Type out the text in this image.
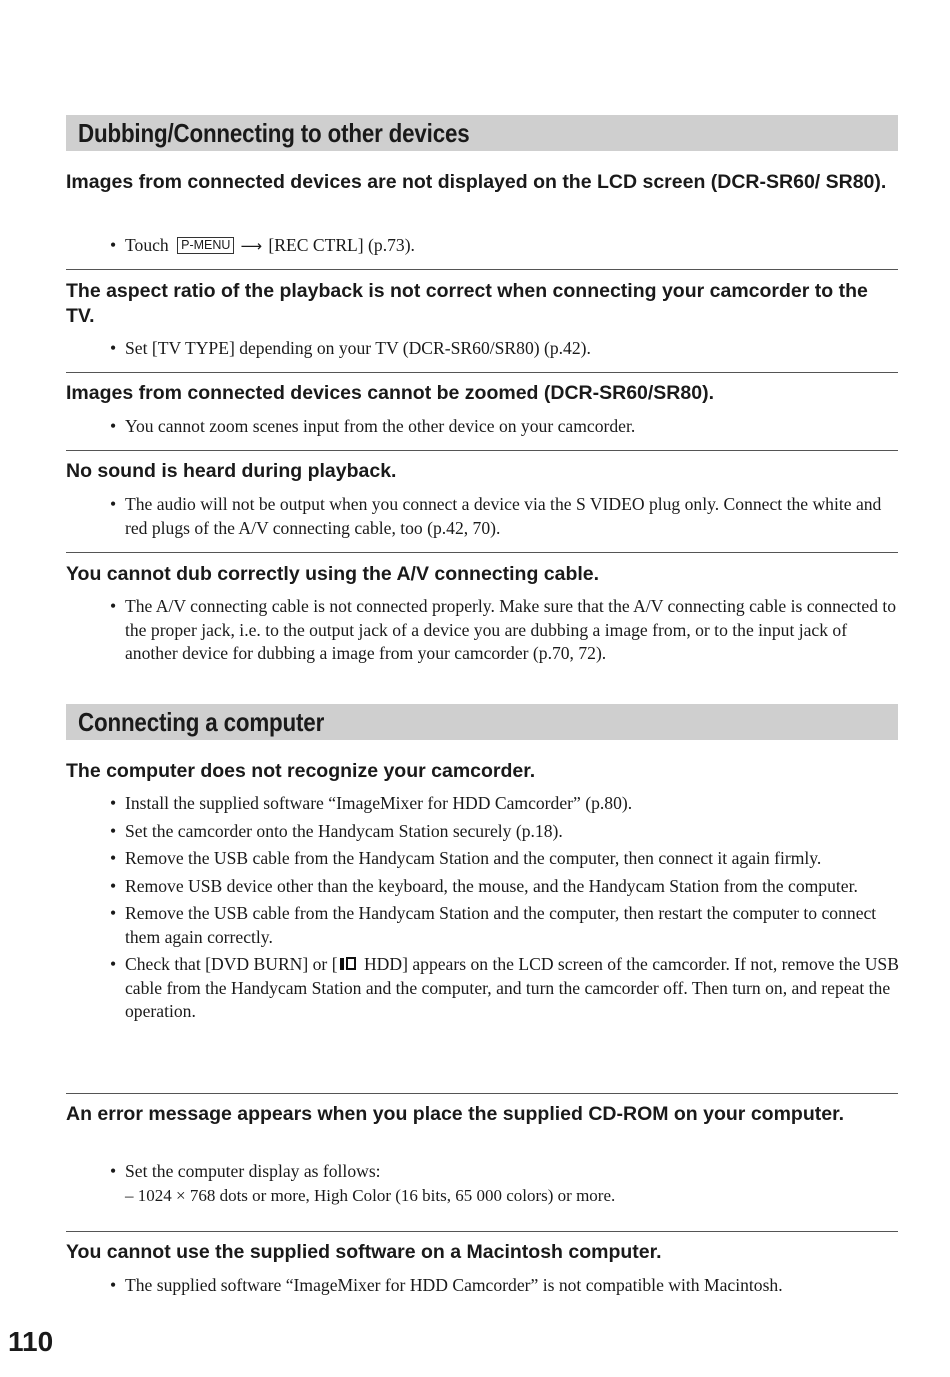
Dubbing/Connecting to other devices

Images from connected devices are not displayed on the LCD screen (DCR-SR60/ SR80).

• Touch P-MENU ⟶ [REC CTRL] (p.73).

The aspect ratio of the playback is not correct when connecting your camcorder to the TV.

• Set [TV TYPE] depending on your TV (DCR-SR60/SR80) (p.42).

Images from connected devices cannot be zoomed (DCR-SR60/SR80).

• You cannot zoom scenes input from the other device on your camcorder.

No sound is heard during playback.

• The audio will not be output when you connect a device via the S VIDEO plug only. Connect the white and red plugs of the A/V connecting cable, too (p.42, 70).

You cannot dub correctly using the A/V connecting cable.

• The A/V connecting cable is not connected properly. Make sure that the A/V connecting cable is connected to the proper jack, i.e. to the output jack of a device you are dubbing a image from, or to the input jack of another device for dubbing a image from your camcorder (p.70, 72).
Connecting a computer

The computer does not recognize your camcorder.

• Install the supplied software “ImageMixer for HDD Camcorder” (p.80).
• Set the camcorder onto the Handycam Station securely (p.18).
• Remove the USB cable from the Handycam Station and the computer, then connect it again firmly.
• Remove USB device other than the keyboard, the mouse, and the Handycam Station from the computer.
• Remove the USB cable from the Handycam Station and the computer, then restart the computer to connect them again correctly.
• Check that [DVD BURN] or [ HDD] appears on the LCD screen of the camcorder. If not, remove the USB cable from the Handycam Station and the computer, and turn the camcorder off. Then turn on, and repeat the operation.

An error message appears when you place the supplied CD-ROM on your computer.

• Set the computer display as follows:
– 1024 × 768 dots or more, High Color (16 bits, 65 000 colors) or more.

You cannot use the supplied software on a Macintosh computer.

• The supplied software “ImageMixer for HDD Camcorder” is not compatible with Macintosh.
110
